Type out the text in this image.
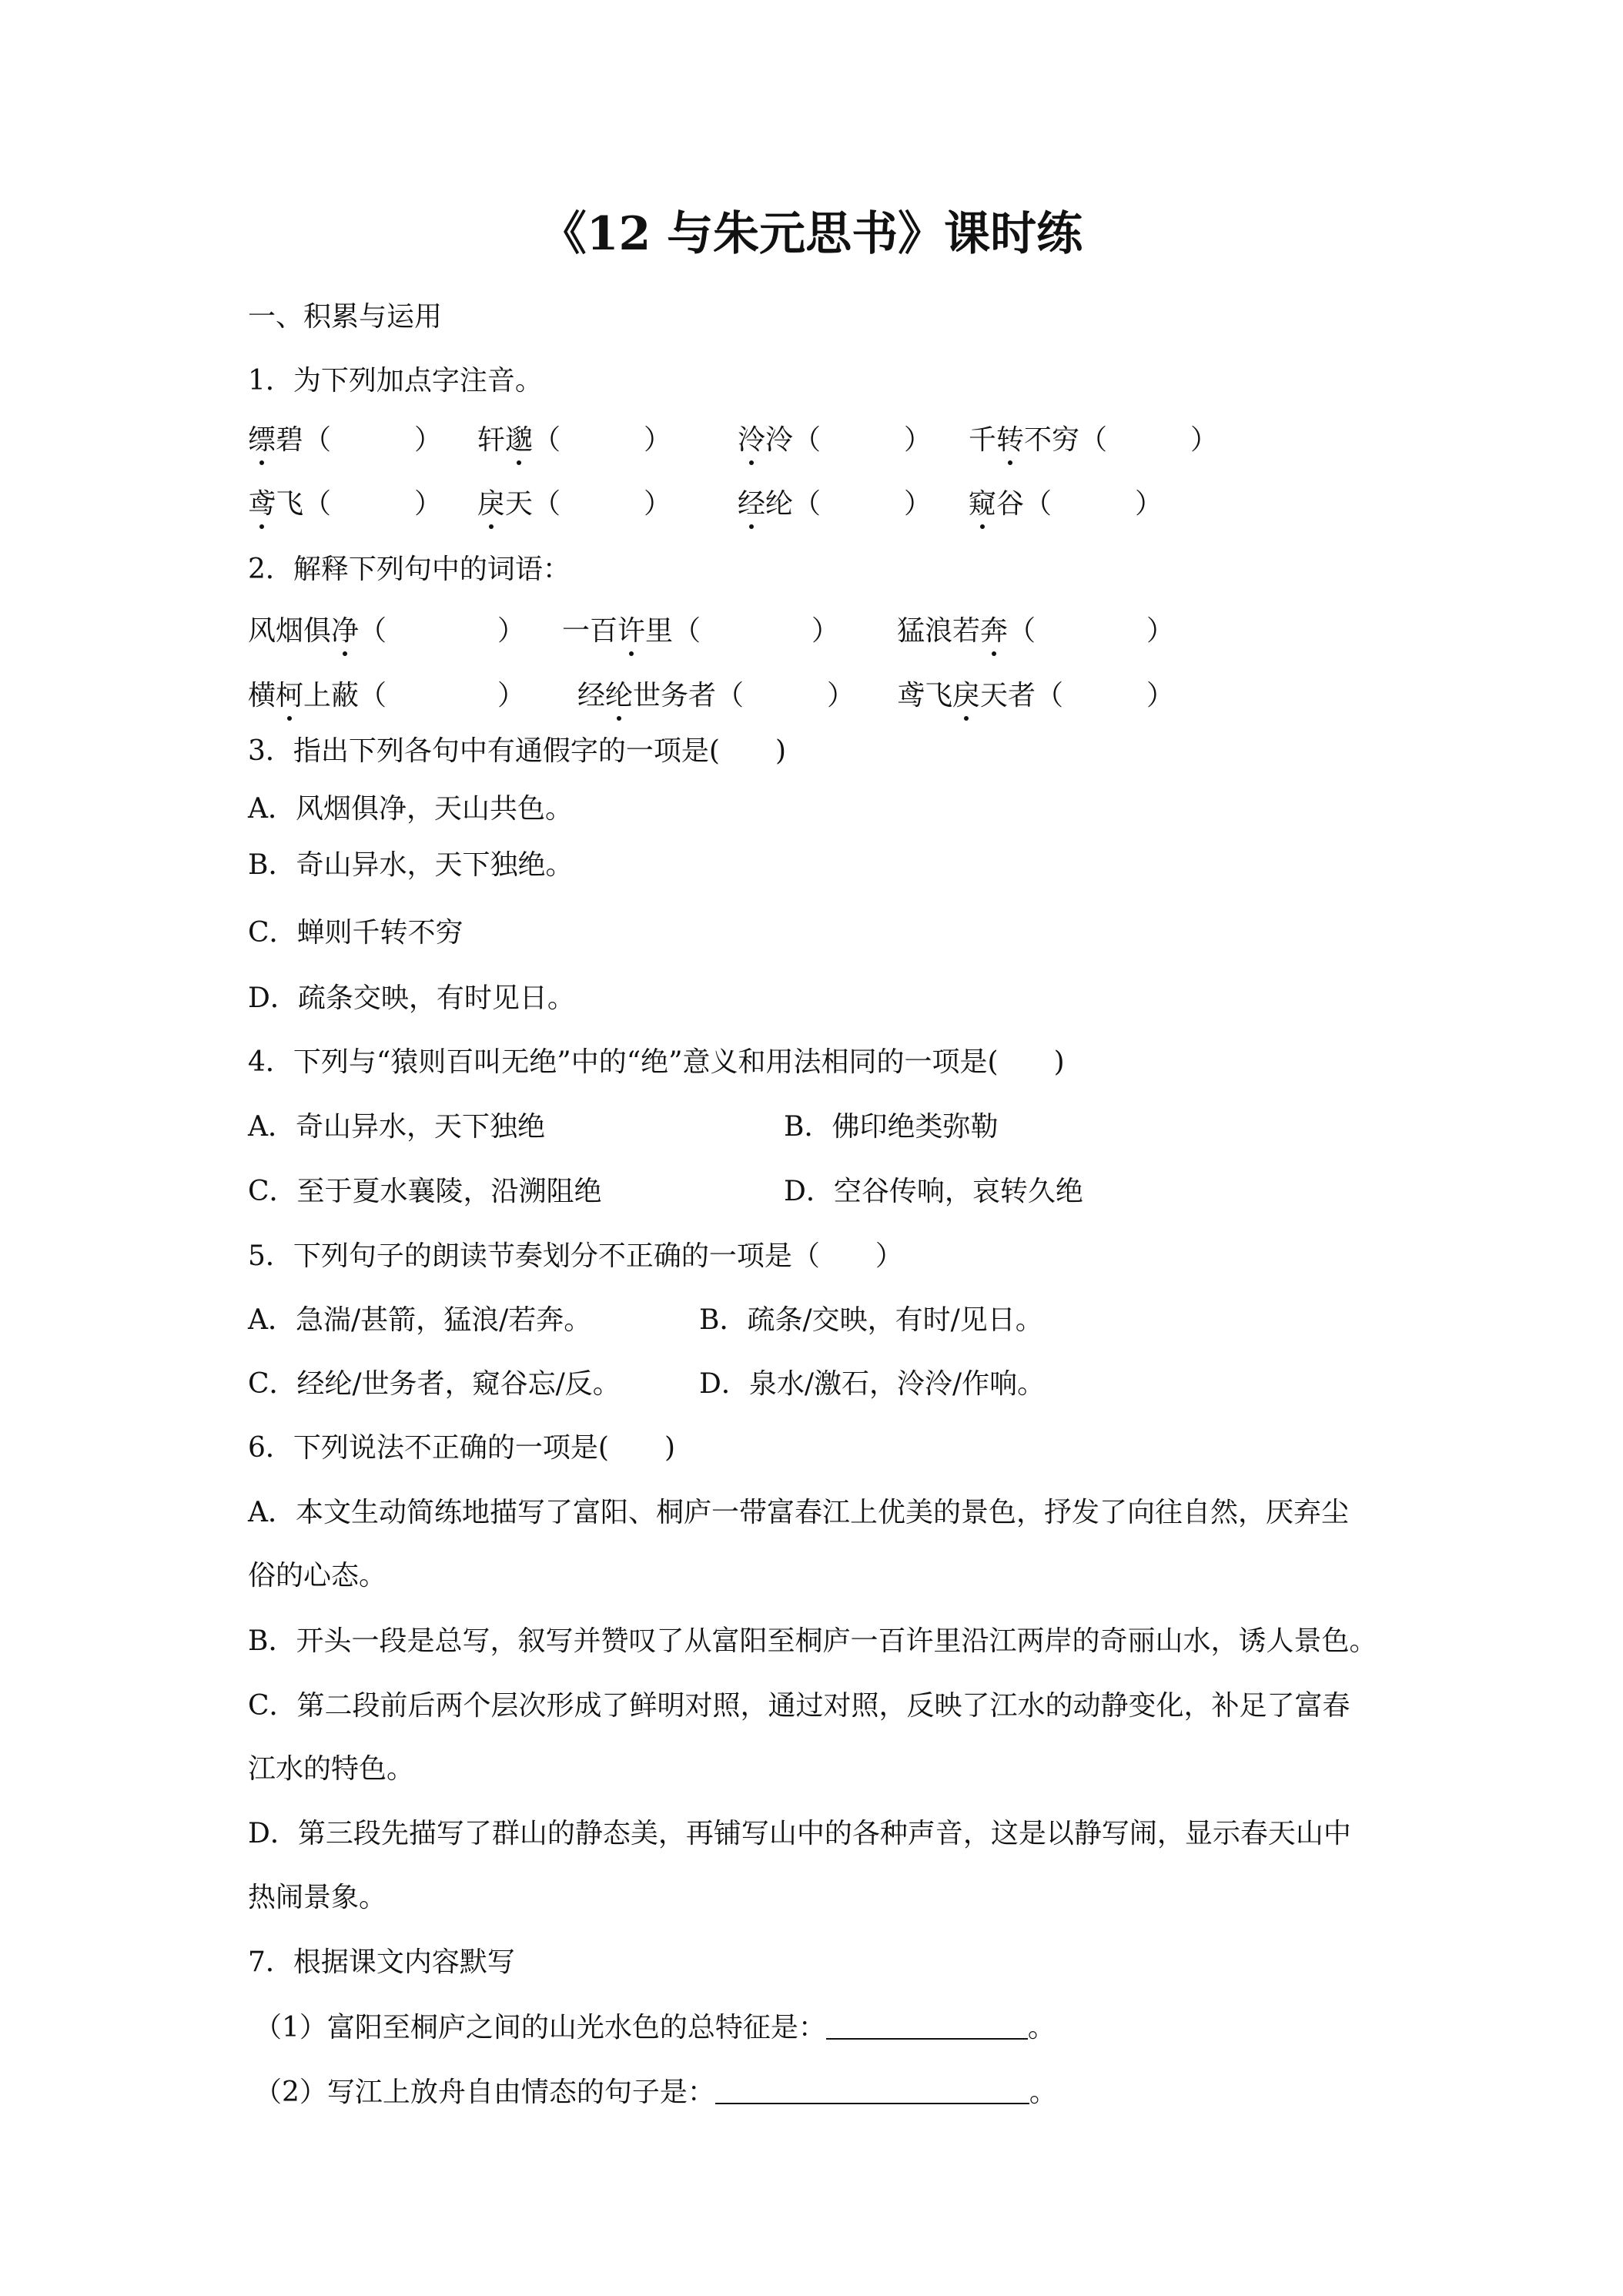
《12 与朱元思书》课时练
一、积累与运用
1．为下列加点字注音。
缥碧（　　　） 轩邈（　　　） 泠泠（　　　） 千转不穷（　　　）
鸢飞（　　　） 戾天（　　　） 经纶（　　　） 窥谷（　　　）
2．解释下列句中的词语：
风烟俱净（　　　　） 一百许里（　　　　） 猛浪若奔（　　　　）
横柯上蔽（　　　　） 经纶世务者（　　　） 鸢飞戾天者（　　　）
3．指出下列各句中有通假字的一项是(　　)
A．风烟俱净，天山共色。
B．奇山异水，天下独绝。
C．蝉则千转不穷
D．疏条交映，有时见日。
4．下列与“猿则百叫无绝”中的“绝”意义和用法相同的一项是(　　)
A．奇山异水，天下独绝	B．佛印绝类弥勒
C．至于夏水襄陵，沿溯阻绝	D．空谷传响，哀转久绝
5．下列句子的朗读节奏划分不正确的一项是（　　）
A．急湍/甚箭，猛浪/若奔。	B．疏条/交映，有时/见日。
C．经纶/世务者，窥谷忘/反。	D．泉水/激石，泠泠/作响。
6．下列说法不正确的一项是(　　)
A．本文生动简练地描写了富阳、桐庐一带富春江上优美的景色，抒发了向往自然，厌弃尘
俗的心态。
B．开头一段是总写，叙写并赞叹了从富阳至桐庐一百许里沿江两岸的奇丽山水，诱人景色。
C．第二段前后两个层次形成了鲜明对照，通过对照，反映了江水的动静变化，补足了富春
江水的特色。
D．第三段先描写了群山的静态美，再铺写山中的各种声音，这是以静写闹，显示春天山中
热闹景象。
7．根据课文内容默写
（1）富阳至桐庐之间的山光水色的总特征是：	。
（2）写江上放舟自由情态的句子是：	。
